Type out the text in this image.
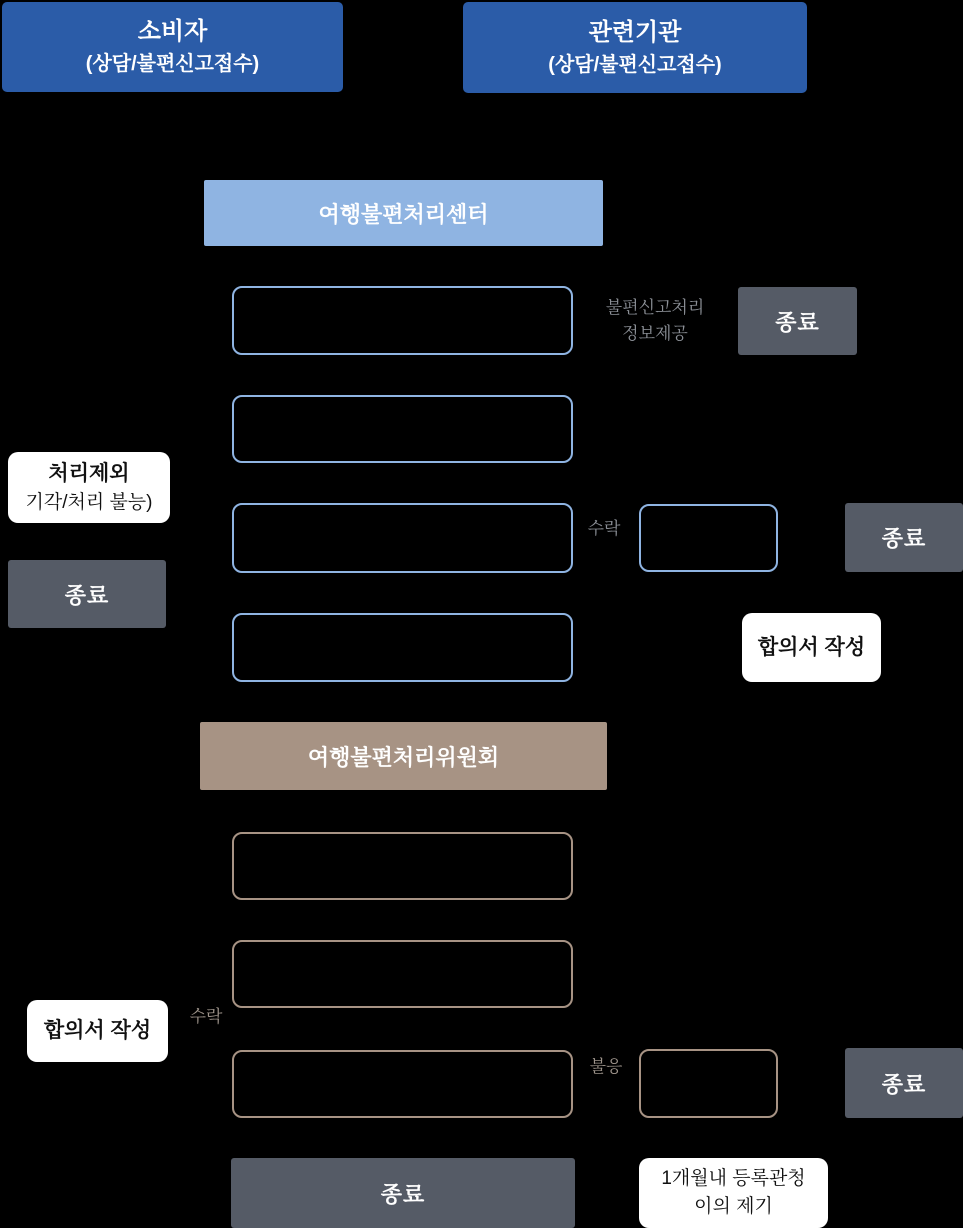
소비자
(상담/불편신고접수)
관련기관
(상담/불편신고접수)
여행불편처리센터
불편신고처리
정보제공	종료
처리제외
기각/처리 불능)
수락	종료
종료
합의서 작성
여행불편처리위원회
합의서 작성
수락
불응
종료
종료
1개월내 등록관청
이의 제기
